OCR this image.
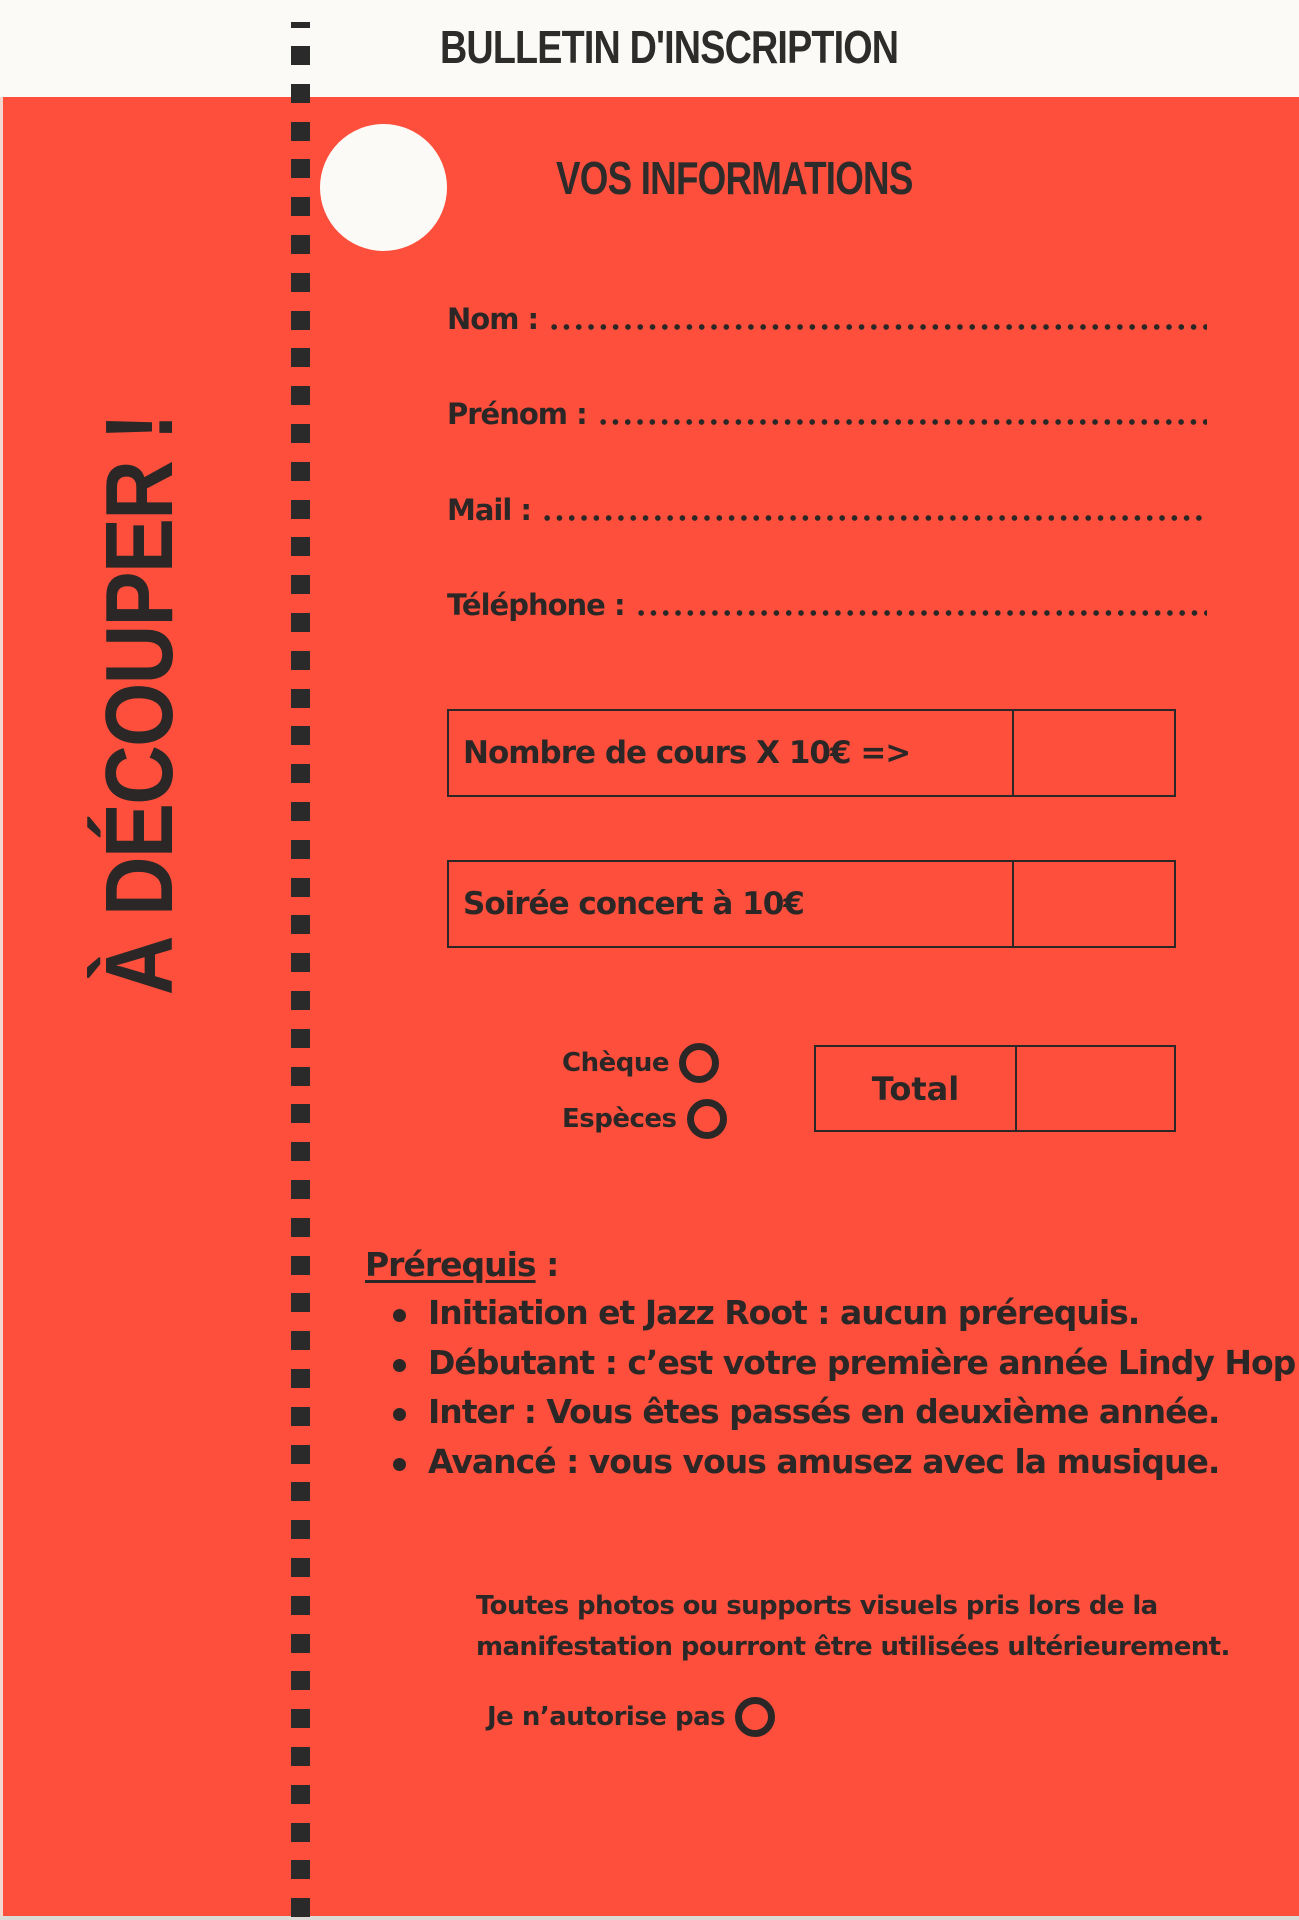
BULLETIN D'INSCRIPTION
À DÉCOUPER !
VOS INFORMATIONS
Nom :
Prénom :
Mail :
Téléphone :
Nombre de cours X 10€ =>
Soirée concert à 10€
Chèque
Espèces
Total
Prérequis :
Initiation et Jazz Root : aucun prérequis.
Débutant : c’est votre première année Lindy Hop
Inter : Vous êtes passés en deuxième année.
Avancé : vous vous amusez avec la musique.
Toutes photos ou supports visuels pris lors de la
manifestation pourront être utilisées ultérieurement.
Je n’autorise pas
